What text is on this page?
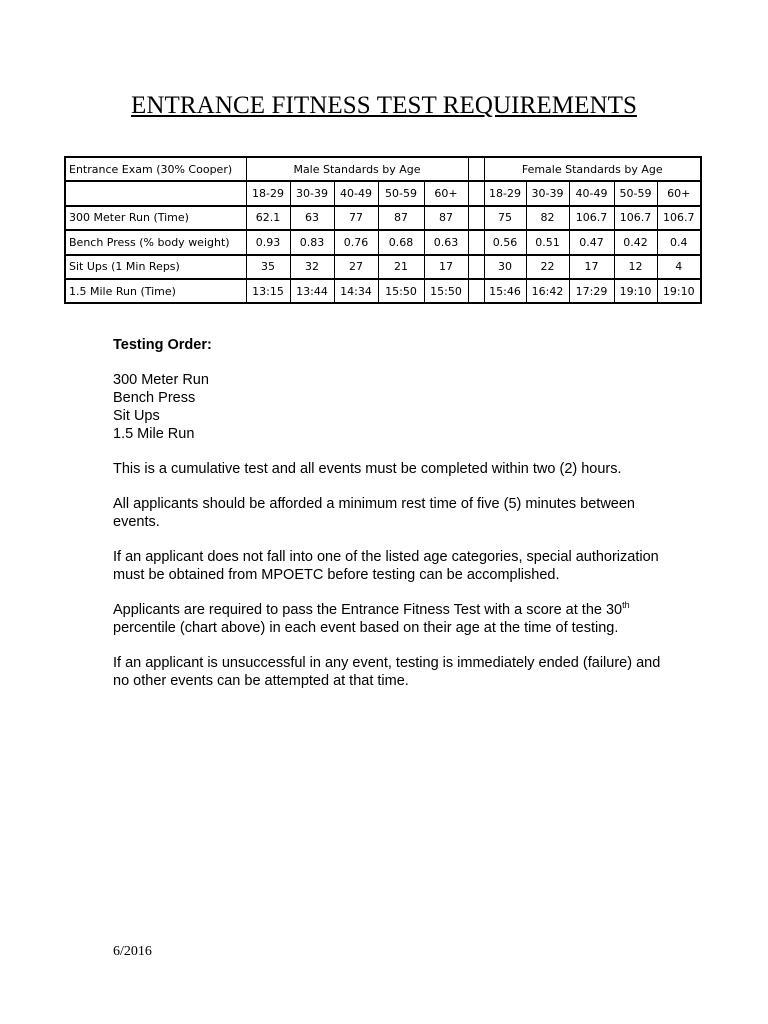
ENTRANCE FITNESS TEST REQUIREMENTS
Entrance Exam (30% Cooper)	Male Standards by Age						Female Standards by Age				
	18-29	30-39	40-49	50-59	60+		18-29	30-39	40-49	50-59	60+
300 Meter Run (Time)	62.1	63	77	87	87		75	82	106.7	106.7	106.7
Bench Press (% body weight)	0.93	0.83	0.76	0.68	0.63		0.56	0.51	0.47	0.42	0.4
Sit Ups (1 Min Reps)	35	32	27	21	17		30	22	17	12	4
1.5 Mile Run (Time)	13:15	13:44	14:34	15:50	15:50		15:46	16:42	17:29	19:10	19:10
Testing Order:
300 Meter Run
Bench Press
Sit Ups
1.5 Mile Run

This is a cumulative test and all events must be completed within two (2) hours.

All applicants should be afforded a minimum rest time of five (5) minutes between events.

If an applicant does not fall into one of the listed age categories, special authorization must be obtained from MPOETC before testing can be accomplished.

Applicants are required to pass the Entrance Fitness Test with a score at the 30th percentile (chart above) in each event based on their age at the time of testing.

If an applicant is unsuccessful in any event, testing is immediately ended (failure) and no other events can be attempted at that time.

6/2016
